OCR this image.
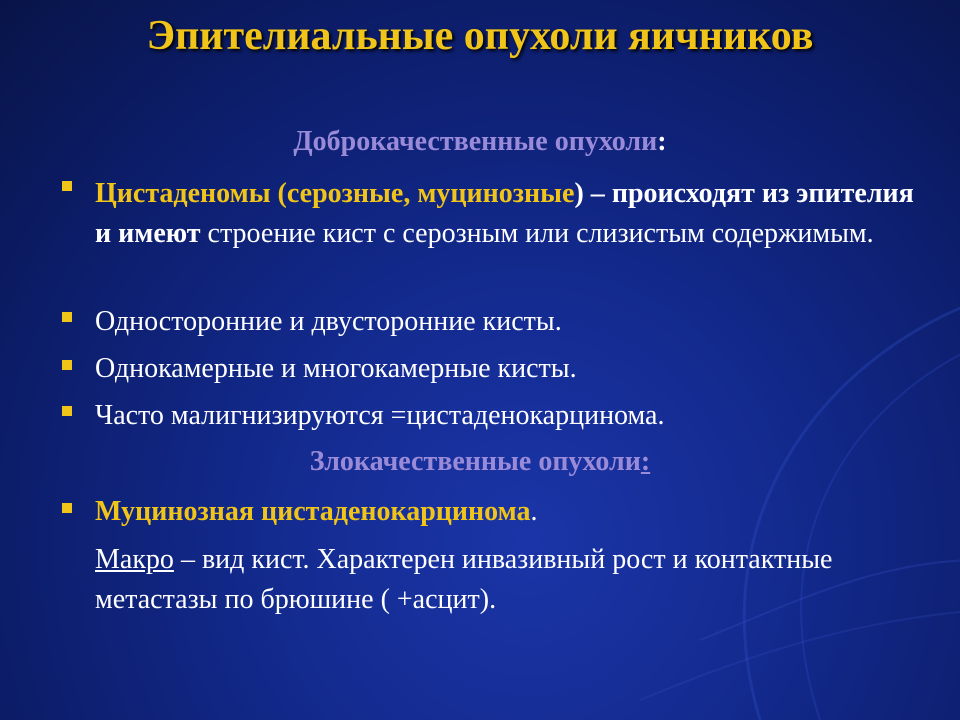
Эпителиальные опухоли яичников
Доброкачественные опухоли:
Цистаденомы (серозные, муцинозные) – происходят из эпителия и имеют строение кист с серозным или слизистым содержимым.
Односторонние и двусторонние кисты.
Однокамерные и многокамерные кисты.
Часто малигнизируются =цистаденокарцинома.
Злокачественные опухоли:
Муцинозная цистаденокарцинома.
Макро – вид кист. Характерен инвазивный рост и контактные метастазы по брюшине ( +асцит).
